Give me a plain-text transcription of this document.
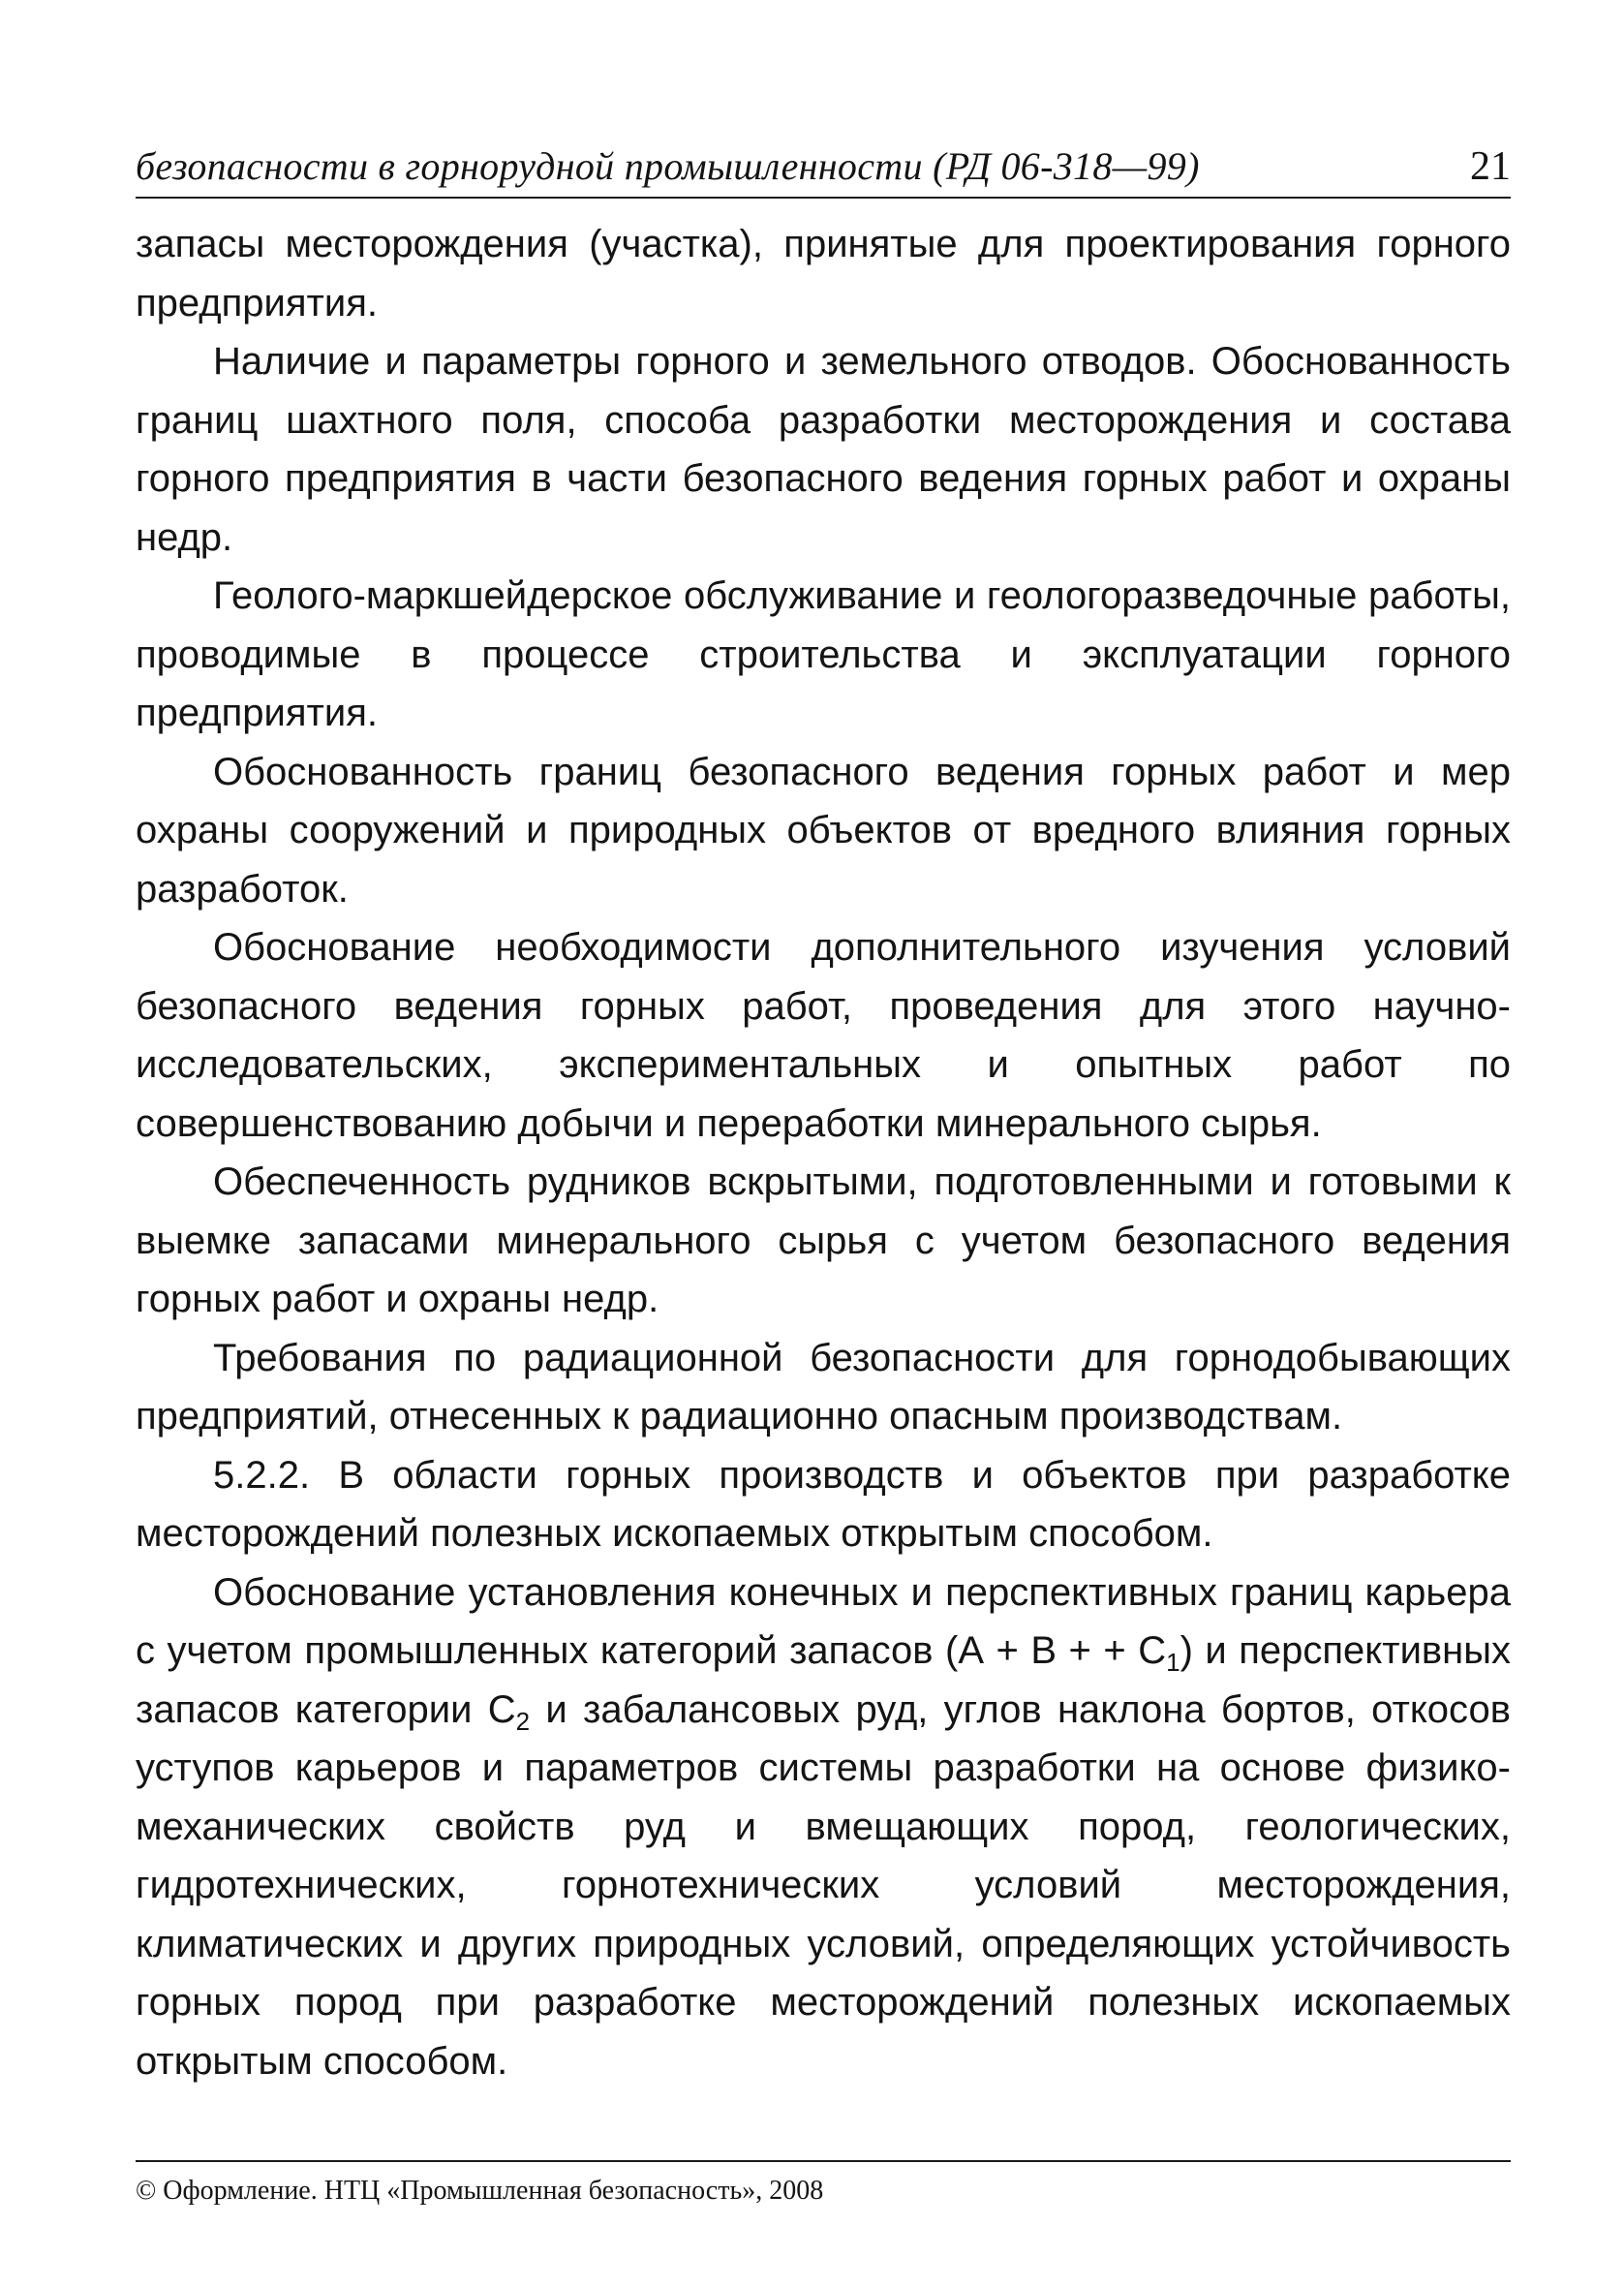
безопасности в горнорудной промышленности (РД 06-318—99)	21

запасы месторождения (участка), принятые для проектирования горного предприятия.

Наличие и параметры горного и земельного отводов. Обоснованность границ шахтного поля, способа разработки месторождения и состава горного предприятия в части безопасного ведения горных работ и охраны недр.

Геолого-маркшейдерское обслуживание и геологоразведочные работы, проводимые в процессе строительства и эксплуатации горного предприятия.

Обоснованность границ безопасного ведения горных работ и мер охраны сооружений и природных объектов от вредного влияния горных разработок.

Обоснование необходимости дополнительного изучения условий безопасного ведения горных работ, проведения для этого научно-исследовательских, экспериментальных и опытных работ по совершенствованию добычи и переработки минерального сырья.

Обеспеченность рудников вскрытыми, подготовленными и готовыми к выемке запасами минерального сырья с учетом безопасного ведения горных работ и охраны недр.

Требования по радиационной безопасности для горнодобывающих предприятий, отнесенных к радиационно опасным производствам.

5.2.2. В области горных производств и объектов при разработке месторождений полезных ископаемых открытым способом.

Обоснование установления конечных и перспективных границ карьера с учетом промышленных категорий запасов (А + В + + $С_1$) и перспективных запасов категории $С_2$ и забалансовых руд, углов наклона бортов, откосов уступов карьеров и параметров системы разработки на основе физико-механических свойств руд и вмещающих пород, геологических, гидротехнических, горнотехнических условий месторождения, климатических и других природных условий, определяющих устойчивость горных пород при разработке месторождений полезных ископаемых открытым способом.

© Оформление. НТЦ «Промышленная безопасность», 2008
